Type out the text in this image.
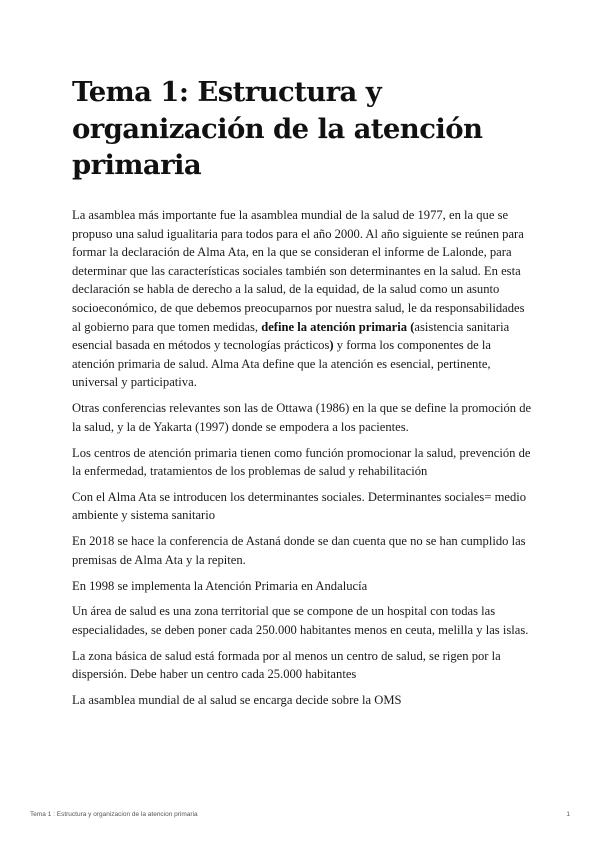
Tema 1: Estructura y organización de la atención primaria

La asamblea más importante fue la asamblea mundial de la salud de 1977, en la que se propuso una salud igualitaria para todos para el año 2000. Al año siguiente se reúnen para formar la declaración de Alma Ata, en la que se consideran el informe de Lalonde, para determinar que las características sociales también son determinantes en la salud. En esta declaración se habla de derecho a la salud, de la equidad, de la salud como un asunto socioeconómico, de que debemos preocuparnos por nuestra salud, le da responsabilidades al gobierno para que tomen medidas, define la atención primaria (asistencia sanitaria esencial basada en métodos y tecnologías prácticos) y forma los componentes de la atención primaria de salud. Alma Ata define que la atención es esencial, pertinente, universal y participativa.

Otras conferencias relevantes son las de Ottawa (1986) en la que se define la promoción de la salud, y la de Yakarta (1997) donde se empodera a los pacientes.

Los centros de atención primaria tienen como función promocionar la salud, prevención de la enfermedad, tratamientos de los problemas de salud y rehabilitación

Con el Alma Ata se introducen los determinantes sociales. Determinantes sociales= medio ambiente y sistema sanitario

En 2018 se hace la conferencia de Astaná donde se dan cuenta que no se han cumplido las premisas de Alma Ata y la repiten.

En 1998 se implementa la Atención Primaria en Andalucía

Un área de salud es una zona territorial que se compone de un hospital con todas las especialidades, se deben poner cada 250.000 habitantes menos en ceuta, melilla y las islas.

La zona básica de salud está formada por al menos un centro de salud, se rigen por la dispersión. Debe haber un centro cada 25.000 habitantes

La asamblea mundial de al salud se encarga decide sobre la OMS

Tema 1 : Estructura y organizacion de la atencion primaria	1
